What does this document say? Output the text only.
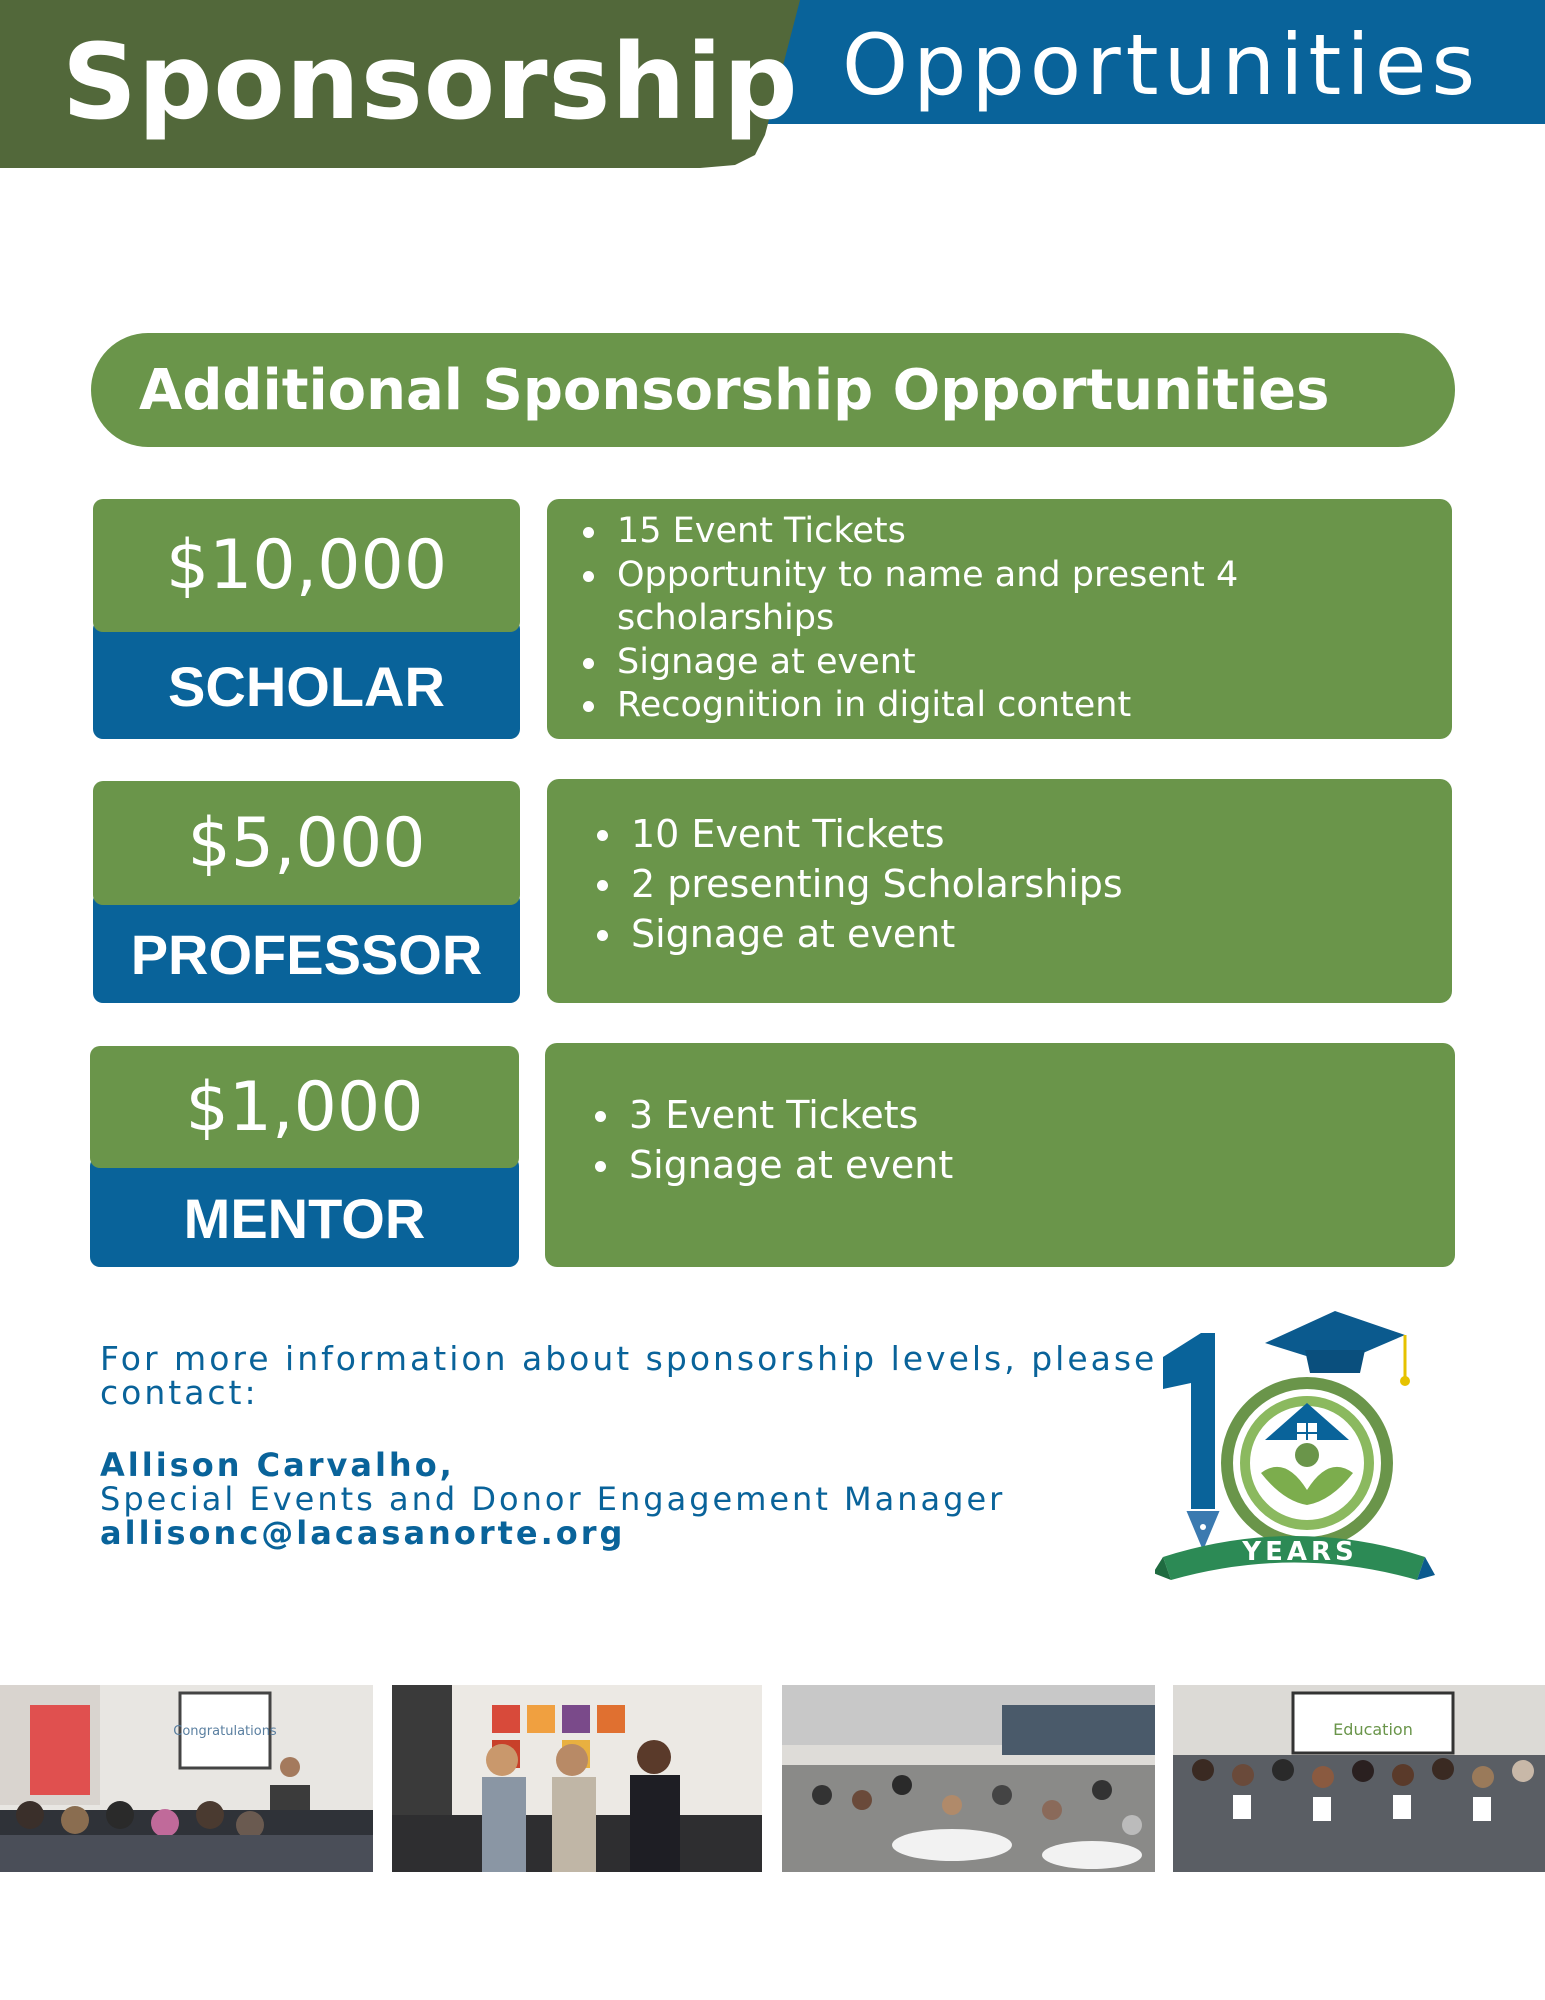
Sponsorship Opportunities
Additional Sponsorship Opportunities
$10,000
SCHOLAR
15 Event Tickets
Opportunity to name and present 4 scholarships
Signage at event
Recognition in digital content
$5,000
PROFESSOR
10 Event Tickets
2 presenting Scholarships
Signage at event
$1,000
MENTOR
3 Event Tickets
Signage at event

For more information about sponsorship levels, please contact:

Allison Carvalho,

Special Events and Donor Engagement Manager

allisonc@lacasanorte.org	YEARS
Congratulations	Education
